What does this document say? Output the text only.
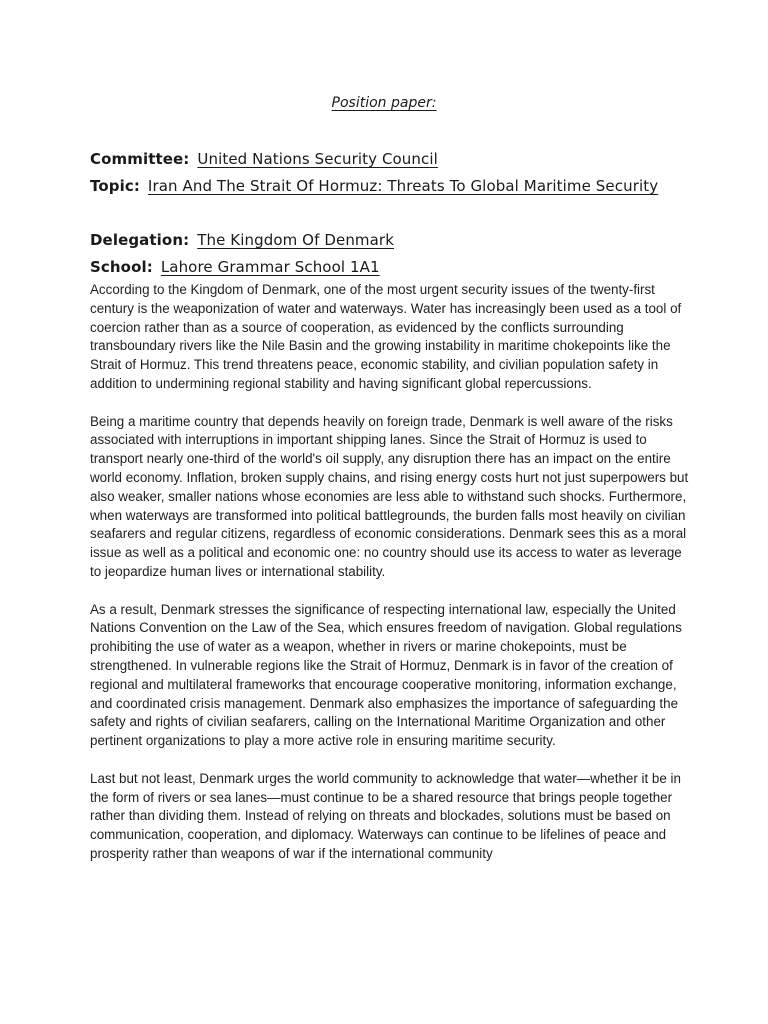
Position paper:
Committee: United Nations Security Council
Topic: Iran And The Strait Of Hormuz: Threats To Global Maritime Security
Delegation: The Kingdom Of Denmark
School: Lahore Grammar School 1A1

According to the Kingdom of Denmark, one of the most urgent security issues of the twenty-first century is the weaponization of water and waterways. Water has increasingly been used as a tool of coercion rather than as a source of cooperation, as evidenced by the conflicts surrounding transboundary rivers like the Nile Basin and the growing instability in maritime chokepoints like the Strait of Hormuz. This trend threatens peace, economic stability, and civilian population safety in addition to undermining regional stability and having significant global repercussions.

Being a maritime country that depends heavily on foreign trade, Denmark is well aware of the risks associated with interruptions in important shipping lanes. Since the Strait of Hormuz is used to transport nearly one-third of the world's oil supply, any disruption there has an impact on the entire world economy. Inflation, broken supply chains, and rising energy costs hurt not just superpowers but also weaker, smaller nations whose economies are less able to withstand such shocks. Furthermore, when waterways are transformed into political battlegrounds, the burden falls most heavily on civilian seafarers and regular citizens, regardless of economic considerations. Denmark sees this as a moral issue as well as a political and economic one: no country should use its access to water as leverage to jeopardize human lives or international stability.

As a result, Denmark stresses the significance of respecting international law, especially the United Nations Convention on the Law of the Sea, which ensures freedom of navigation. Global regulations prohibiting the use of water as a weapon, whether in rivers or marine chokepoints, must be strengthened. In vulnerable regions like the Strait of Hormuz, Denmark is in favor of the creation of regional and multilateral frameworks that encourage cooperative monitoring, information exchange, and coordinated crisis management. Denmark also emphasizes the importance of safeguarding the safety and rights of civilian seafarers, calling on the International Maritime Organization and other pertinent organizations to play a more active role in ensuring maritime security.

Last but not least, Denmark urges the world community to acknowledge that water—whether it be in the form of rivers or sea lanes—must continue to be a shared resource that brings people together rather than dividing them. Instead of relying on threats and blockades, solutions must be based on communication, cooperation, and diplomacy. Waterways can continue to be lifelines of peace and prosperity rather than weapons of war if the international community
